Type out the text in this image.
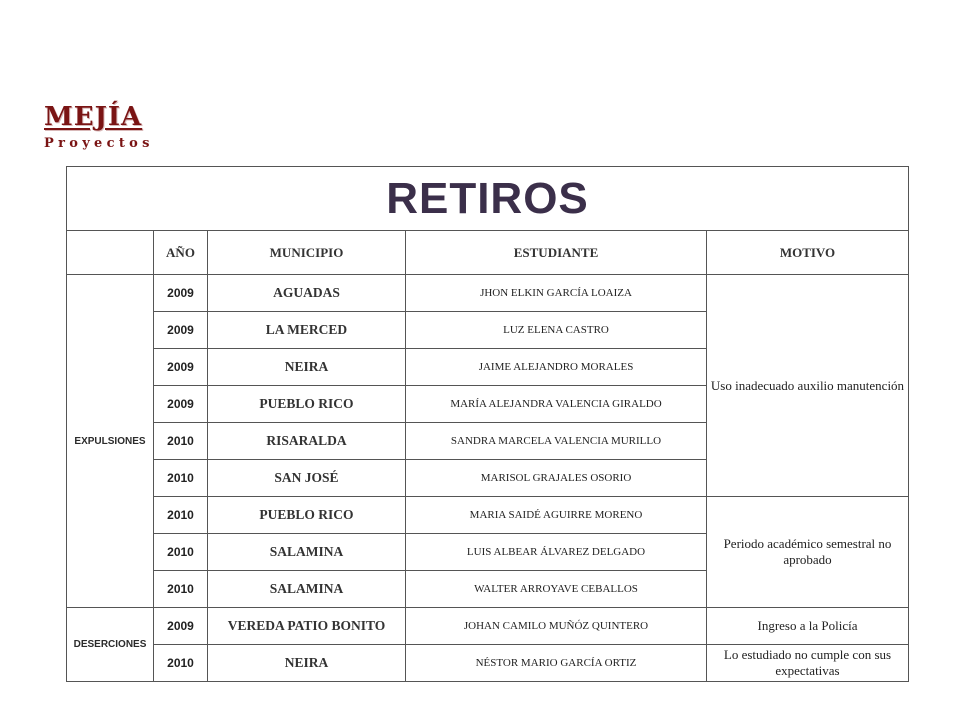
MEJÍA
Proyectos
RETIROS				
	AÑO	MUNICIPIO	ESTUDIANTE	MOTIVO
EXPULSIONES	2009	AGUADAS	JHON ELKIN GARCÍA LOAIZA	Uso inadecuado auxilio manutención
	2009	LA MERCED	LUZ ELENA CASTRO	
	2009	NEIRA	JAIME ALEJANDRO MORALES	
	2009	PUEBLO RICO	MARÍA ALEJANDRA VALENCIA GIRALDO	
	2010	RISARALDA	SANDRA MARCELA VALENCIA MURILLO	
	2010	SAN JOSÉ	MARISOL GRAJALES OSORIO	
	2010	PUEBLO RICO	MARIA SAIDÉ AGUIRRE MORENO	Periodo académico semestral no aprobado
	2010	SALAMINA	LUIS ALBEAR ÁLVAREZ DELGADO	
	2010	SALAMINA	WALTER ARROYAVE CEBALLOS	
DESERCIONES	2009	VEREDA PATIO BONITO	JOHAN CAMILO MUÑÓZ QUINTERO	Ingreso a la Policía
	2010	NEIRA	NÉSTOR MARIO GARCÍA ORTIZ	Lo estudiado no cumple con sus expectativas
